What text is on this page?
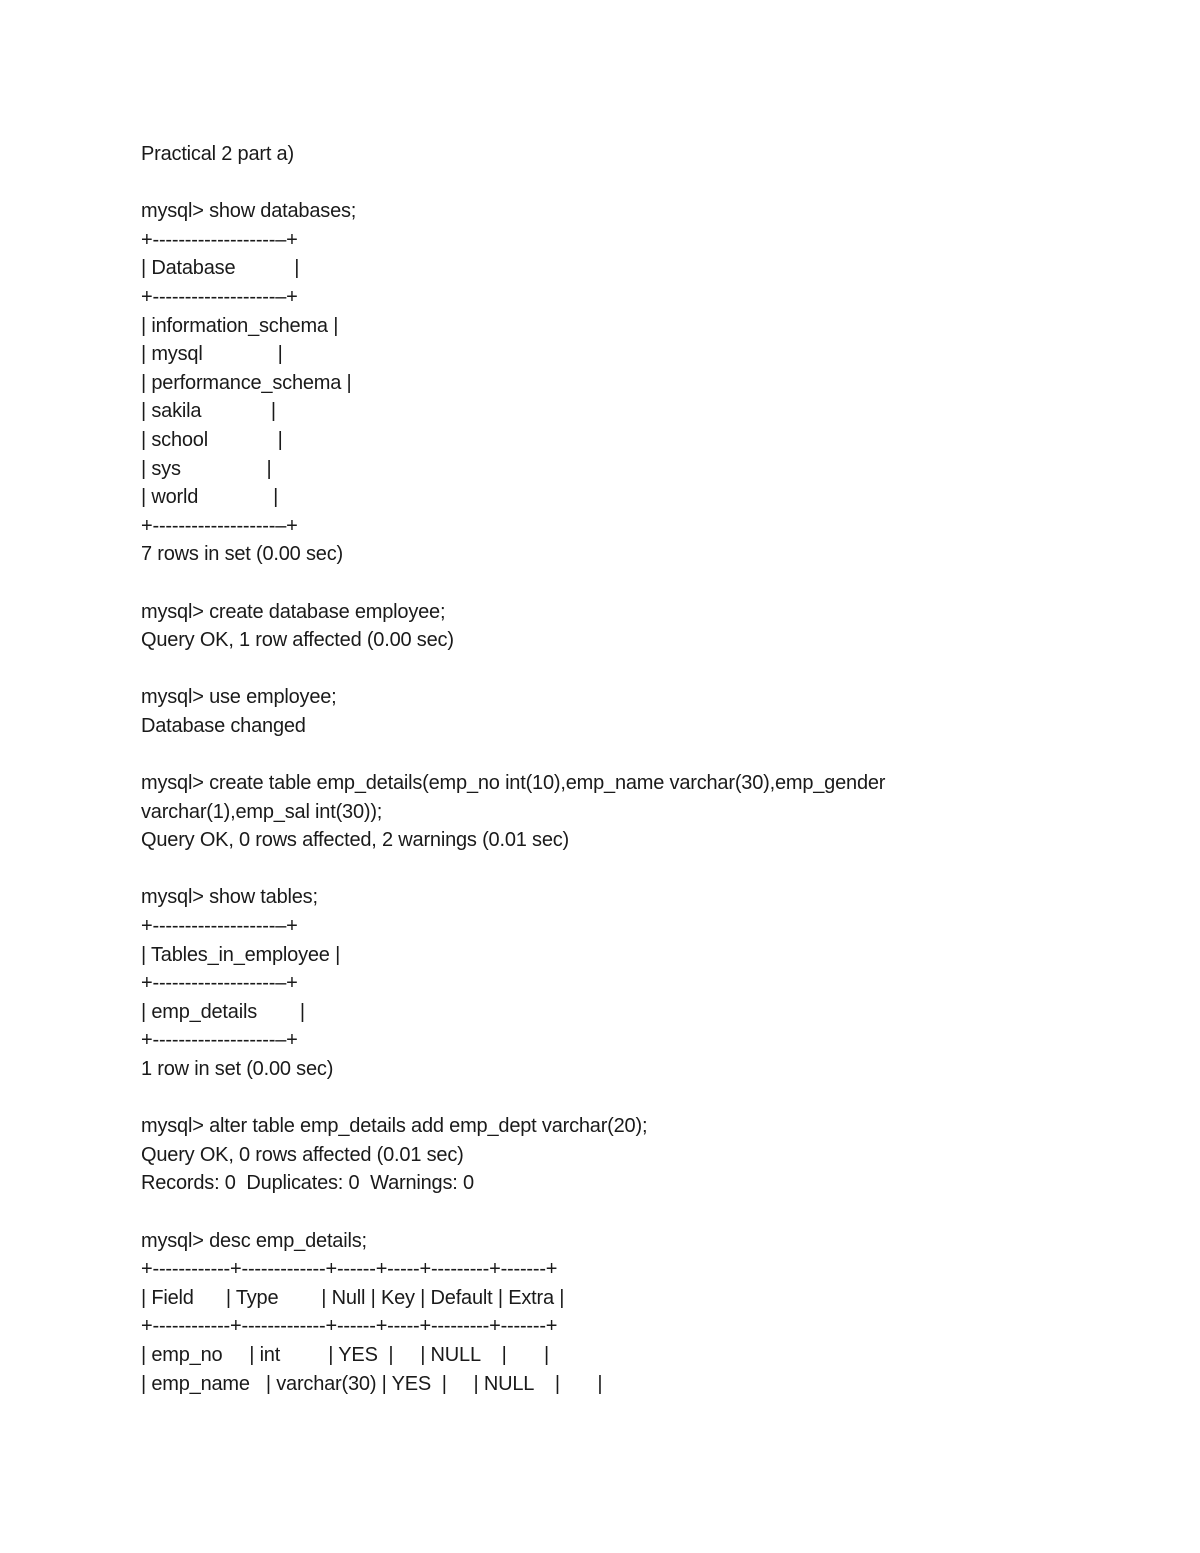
Practical 2 part a)
mysql> show databases;
+-------------------–+
| Database           |
+-------------------–+
| information_schema |
| mysql              |
| performance_schema |
| sakila             |
| school             |
| sys                |
| world              |
+-------------------–+
7 rows in set (0.00 sec)
mysql> create database employee;
Query OK, 1 row affected (0.00 sec)
mysql> use employee;
Database changed
mysql> create table emp_details(emp_no int(10),emp_name varchar(30),emp_gender
varchar(1),emp_sal int(30));
Query OK, 0 rows affected, 2 warnings (0.01 sec)
mysql> show tables;
+-------------------–+
| Tables_in_employee |
+-------------------–+
| emp_details        |
+-------------------–+
1 row in set (0.00 sec)
mysql> alter table emp_details add emp_dept varchar(20);
Query OK, 0 rows affected (0.01 sec)
Records: 0  Duplicates: 0  Warnings: 0
mysql> desc emp_details;
+------------+-------------+------+-----+---------+-------+
| Field      | Type        | Null | Key | Default | Extra |
+------------+-------------+------+-----+---------+-------+
| emp_no     | int         | YES  |     | NULL    |       |
| emp_name   | varchar(30) | YES  |     | NULL    |       |
